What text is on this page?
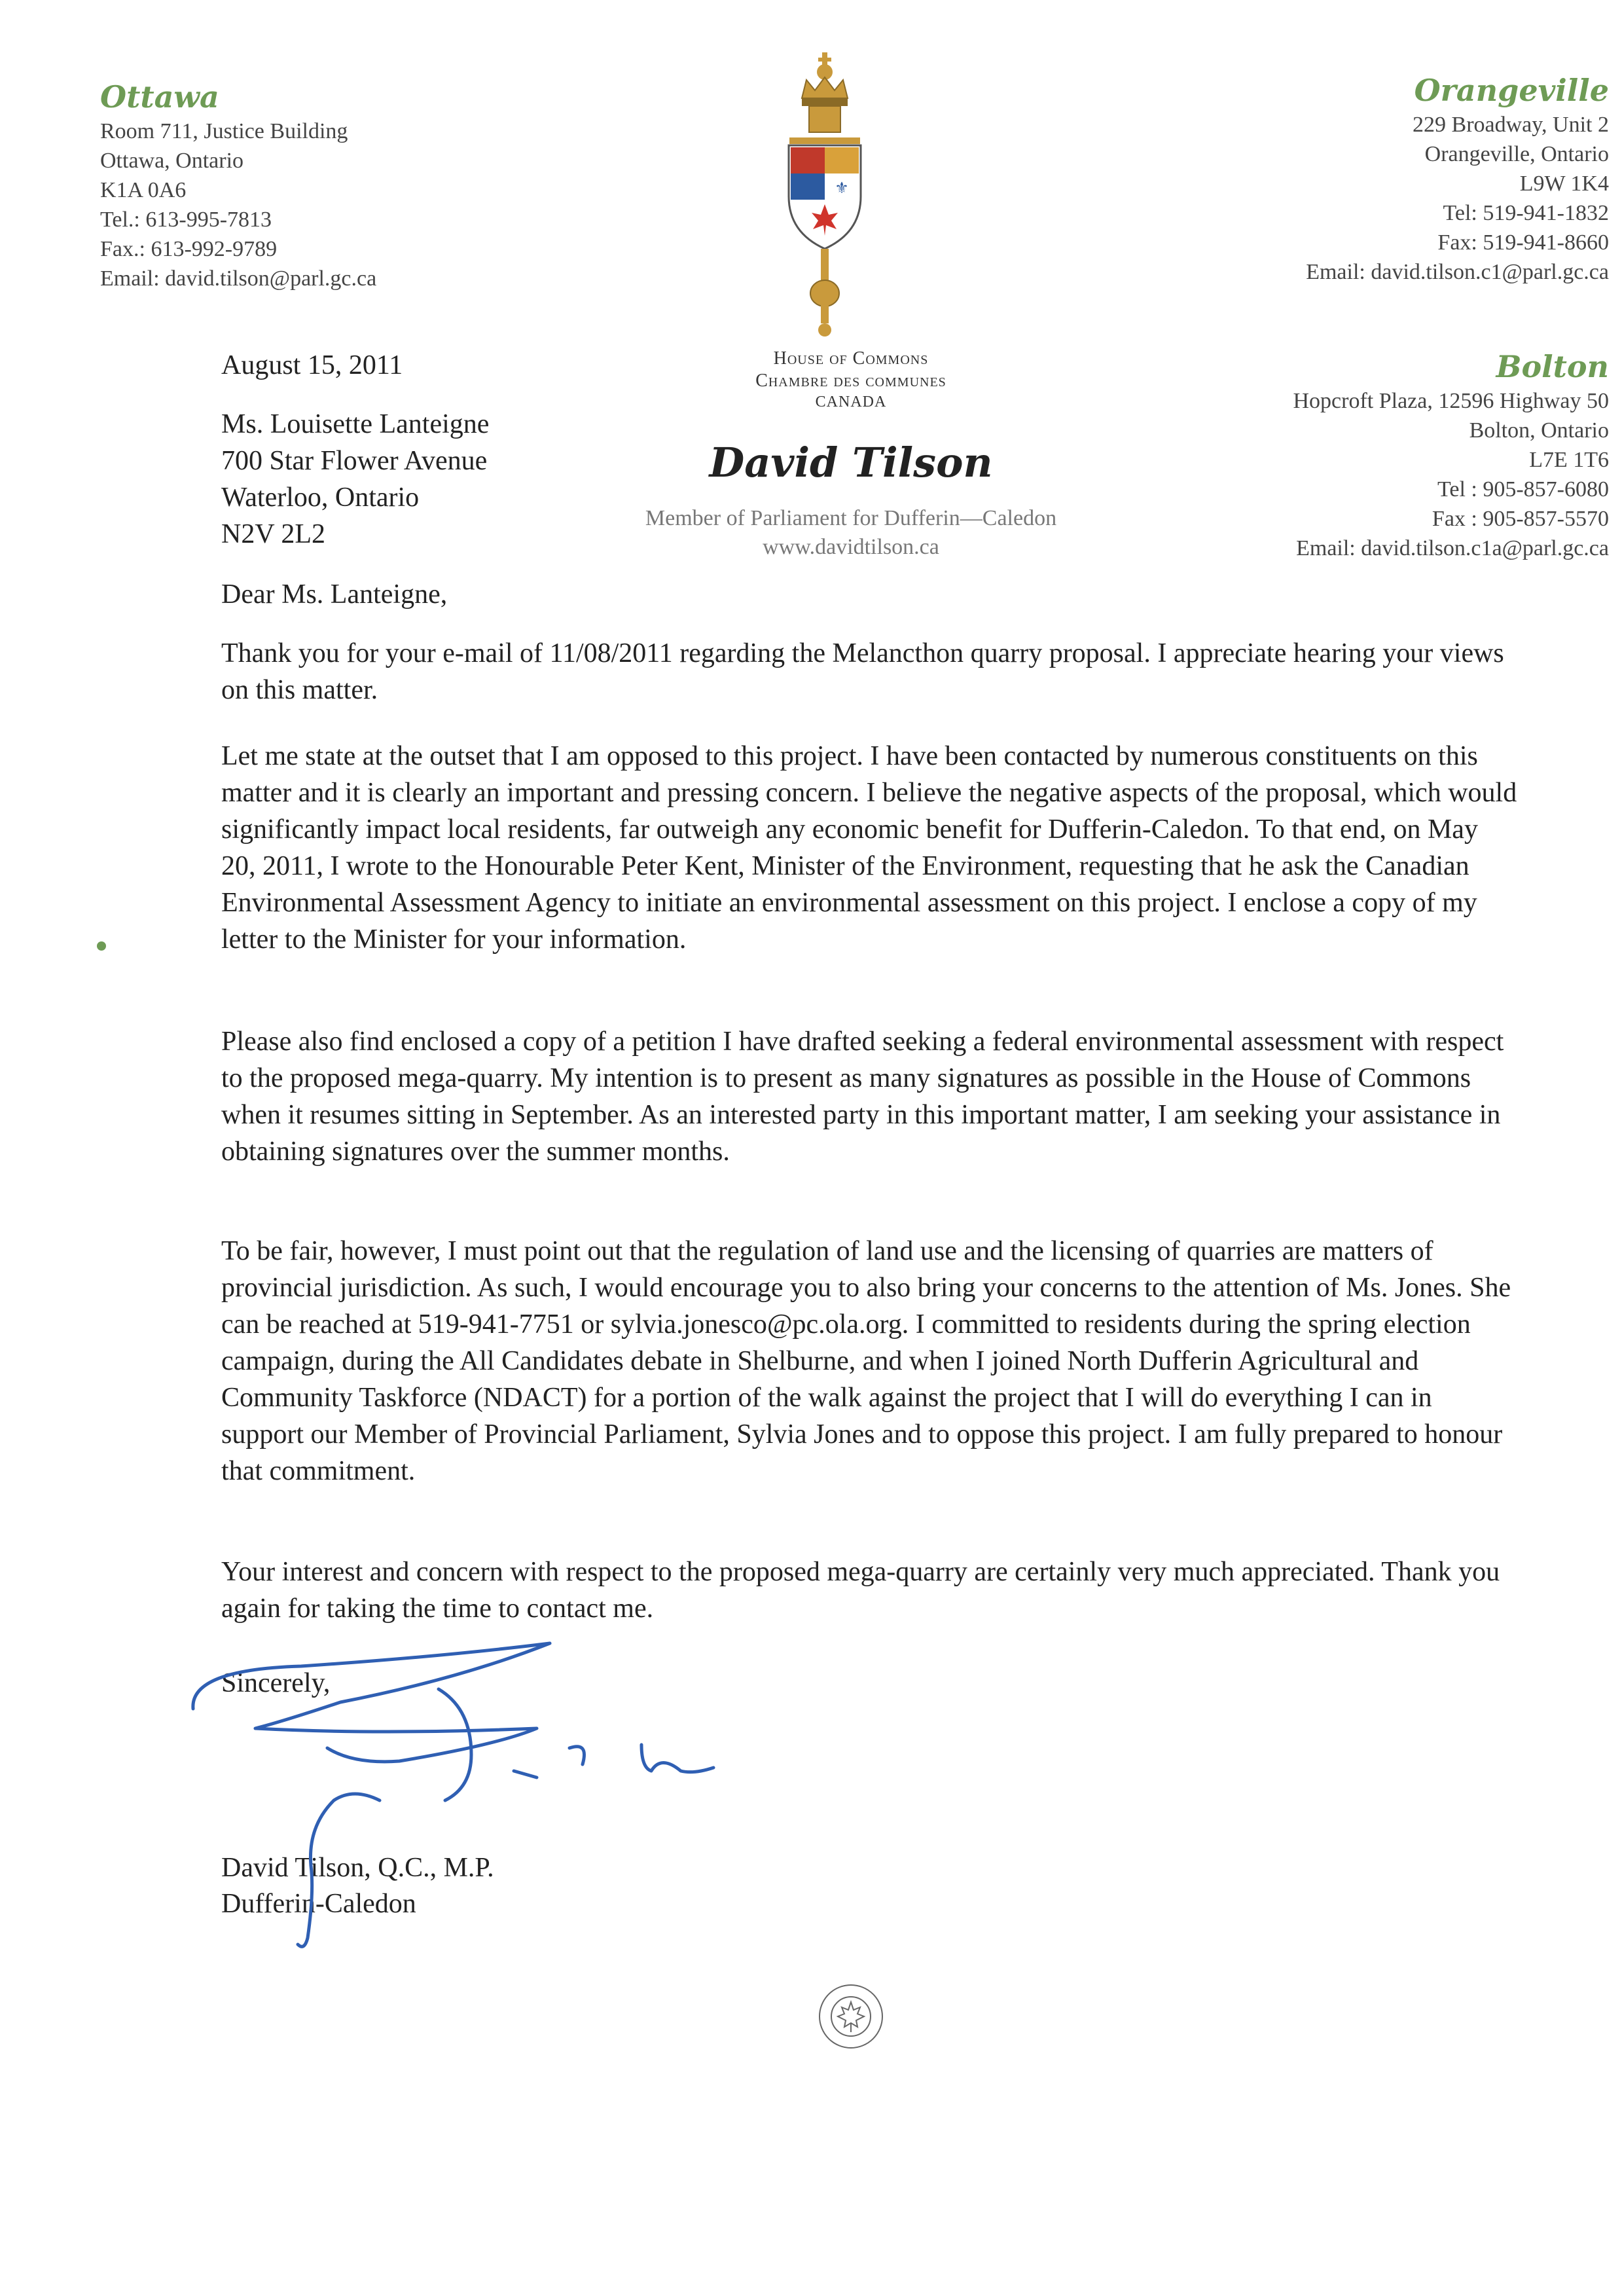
Ottawa
Room 711, Justice Building
Ottawa, Ontario
K1A 0A6
Tel.: 613-995-7813
Fax.: 613-992-9789
Email: david.tilson@parl.gc.ca
Orangeville
229 Broadway, Unit 2
Orangeville, Ontario
L9W 1K4
Tel: 519-941-1832
Fax: 519-941-8660
Email: david.tilson.c1@parl.gc.ca
Bolton
Hopcroft Plaza, 12596 Highway 50
Bolton, Ontario
L7E 1T6
Tel : 905-857-6080
Fax : 905-857-5570
Email: david.tilson.c1a@parl.gc.ca
⚜
House of Commons
Chambre des communes
CANADA
David Tilson
Member of Parliament for Dufferin—Caledon
www.davidtilson.ca
August 15, 2011
Ms. Louisette Lanteigne
700 Star Flower Avenue
Waterloo, Ontario
N2V 2L2
Dear Ms. Lanteigne,

Thank you for your e-mail of 11/08/2011 regarding the Melancthon quarry proposal. I appreciate hearing your views on this matter.

Let me state at the outset that I am opposed to this project. I have been contacted by numerous constituents on this matter and it is clearly an important and pressing concern. I believe the negative aspects of the proposal, which would significantly impact local residents, far outweigh any economic benefit for Dufferin-Caledon. To that end, on May 20, 2011, I wrote to the Honourable Peter Kent, Minister of the Environment, requesting that he ask the Canadian Environmental Assessment Agency to initiate an environmental assessment on this project. I enclose a copy of my letter to the Minister for your information.

Please also find enclosed a copy of a petition I have drafted seeking a federal environmental assessment with respect to the proposed mega-quarry. My intention is to present as many signatures as possible in the House of Commons when it resumes sitting in September. As an interested party in this important matter, I am seeking your assistance in obtaining signatures over the summer months.

To be fair, however, I must point out that the regulation of land use and the licensing of quarries are matters of provincial jurisdiction. As such, I would encourage you to also bring your concerns to the attention of Ms. Jones. She can be reached at 519-941-7751 or sylvia.jonesco@pc.ola.org. I committed to residents during the spring election campaign, during the All Candidates debate in Shelburne, and when I joined North Dufferin Agricultural and Community Taskforce (NDACT) for a portion of the walk against the project that I will do everything I can in support our Member of Provincial Parliament, Sylvia Jones and to oppose this project. I am fully prepared to honour that commitment.

Your interest and concern with respect to the proposed mega-quarry are certainly very much appreciated. Thank you again for taking the time to contact me.

Sincerely,
David Tilson, Q.C., M.P.
Dufferin-Caledon
